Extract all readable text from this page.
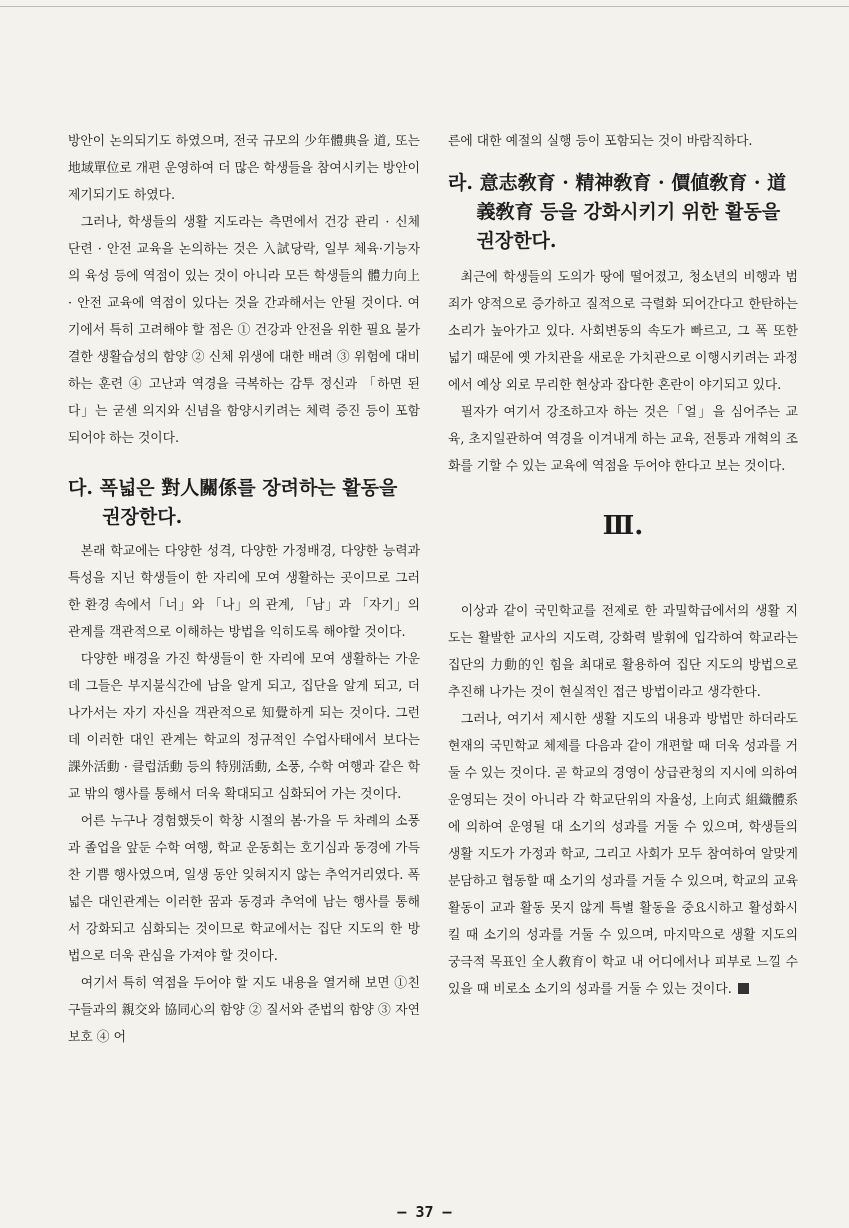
방안이 논의되기도 하였으며, 전국 규모의 少年體典을 道, 또는 地域單位로 개편 운영하여 더 많은 학생들을 참여시키는 방안이 제기되기도 하였다.

그러나, 학생들의 생활 지도라는 측면에서 건강 관리 · 신체 단련 · 안전 교육을 논의하는 것은 入試당락, 일부 체육·기능자의 육성 등에 역점이 있는 것이 아니라 모든 학생들의 體力向上 · 안전 교육에 역점이 있다는 것을 간과해서는 안될 것이다. 여기에서 특히 고려해야 할 점은 ① 건강과 안전을 위한 필요 불가결한 생활습성의 함양 ② 신체 위생에 대한 배려 ③ 위험에 대비하는 훈련 ④ 고난과 역경을 극복하는 감투 정신과 「하면 된다」는 굳센 의지와 신념을 함양시키려는 체력 증진 등이 포함되어야 하는 것이다.

다. 폭넓은 對人關係를 장려하는 활동을 권장한다.

본래 학교에는 다양한 성격, 다양한 가정배경, 다양한 능력과 특성을 지닌 학생들이 한 자리에 모여 생활하는 곳이므로 그러한 환경 속에서「너」와 「나」의 관계, 「남」과 「자기」의 관계를 객관적으로 이해하는 방법을 익히도록 해야할 것이다.

다양한 배경을 가진 학생들이 한 자리에 모여 생활하는 가운데 그들은 부지불식간에 남을 알게 되고, 집단을 알게 되고, 더 나가서는 자기 자신을 객관적으로 知覺하게 되는 것이다. 그런데 이러한 대인 관계는 학교의 정규적인 수업사태에서 보다는 課外活動 · 클럽活動 등의 特別活動, 소풍, 수학 여행과 같은 학교 밖의 행사를 통해서 더욱 확대되고 심화되어 가는 것이다.

어른 누구나 경험했듯이 학창 시절의 봄·가을 두 차례의 소풍과 졸업을 앞둔 수학 여행, 학교 운동회는 호기심과 동경에 가득 찬 기쁨 행사였으며, 일생 동안 잊혀지지 않는 추억거리였다. 폭넓은 대인관계는 이러한 꿈과 동경과 추억에 남는 행사를 통해서 강화되고 심화되는 것이므로 학교에서는 집단 지도의 한 방법으로 더욱 관심을 가져야 할 것이다.

여기서 특히 역점을 두어야 할 지도 내용을 열거해 보면 ①친구들과의 親交와 協同心의 함양 ② 질서와 준법의 함양 ③ 자연보호 ④ 어

른에 대한 예절의 실행 등이 포함되는 것이 바람직하다.

라. 意志敎育 · 精神敎育 · 價値敎育 · 道義敎育 등을 강화시키기 위한 활동을 권장한다.

최근에 학생들의 도의가 땅에 떨어졌고, 청소년의 비행과 범죄가 양적으로 증가하고 질적으로 극렬화 되어간다고 한탄하는 소리가 높아가고 있다. 사회변동의 속도가 빠르고, 그 폭 또한 넓기 때문에 옛 가치관을 새로운 가치관으로 이행시키려는 과정에서 예상 외로 무리한 현상과 잡다한 혼란이 야기되고 있다.

필자가 여기서 강조하고자 하는 것은「얼」을 심어주는 교육, 초지일관하여 역경을 이겨내게 하는 교육, 전통과 개혁의 조화를 기할 수 있는 교육에 역점을 두어야 한다고 보는 것이다.

Ⅲ.

이상과 같이 국민학교를 전제로 한 과밀학급에서의 생활 지도는 활발한 교사의 지도력, 강화력 발휘에 입각하여 학교라는 집단의 力動的인 힘을 최대로 활용하여 집단 지도의 방법으로 추진해 나가는 것이 현실적인 접근 방법이라고 생각한다.

그러나, 여기서 제시한 생활 지도의 내용과 방법만 하더라도 현재의 국민학교 체제를 다음과 같이 개편할 때 더욱 성과를 거둘 수 있는 것이다. 곧 학교의 경영이 상급관청의 지시에 의하여 운영되는 것이 아니라 각 학교단위의 자율성, 上向式 組織體系에 의하여 운영될 대 소기의 성과를 거둘 수 있으며, 학생들의 생활 지도가 가정과 학교, 그리고 사회가 모두 참여하여 알맞게 분담하고 협동할 때 소기의 성과를 거둘 수 있으며, 학교의 교육 활동이 교과 활동 못지 않게 특별 활동을 중요시하고 활성화시킬 때 소기의 성과를 거둘 수 있으며, 마지막으로 생활 지도의 궁극적 목표인 全人敎育이 학교 내 어디에서나 피부로 느낄 수 있을 때 비로소 소기의 성과를 거둘 수 있는 것이다.

— 37 —
